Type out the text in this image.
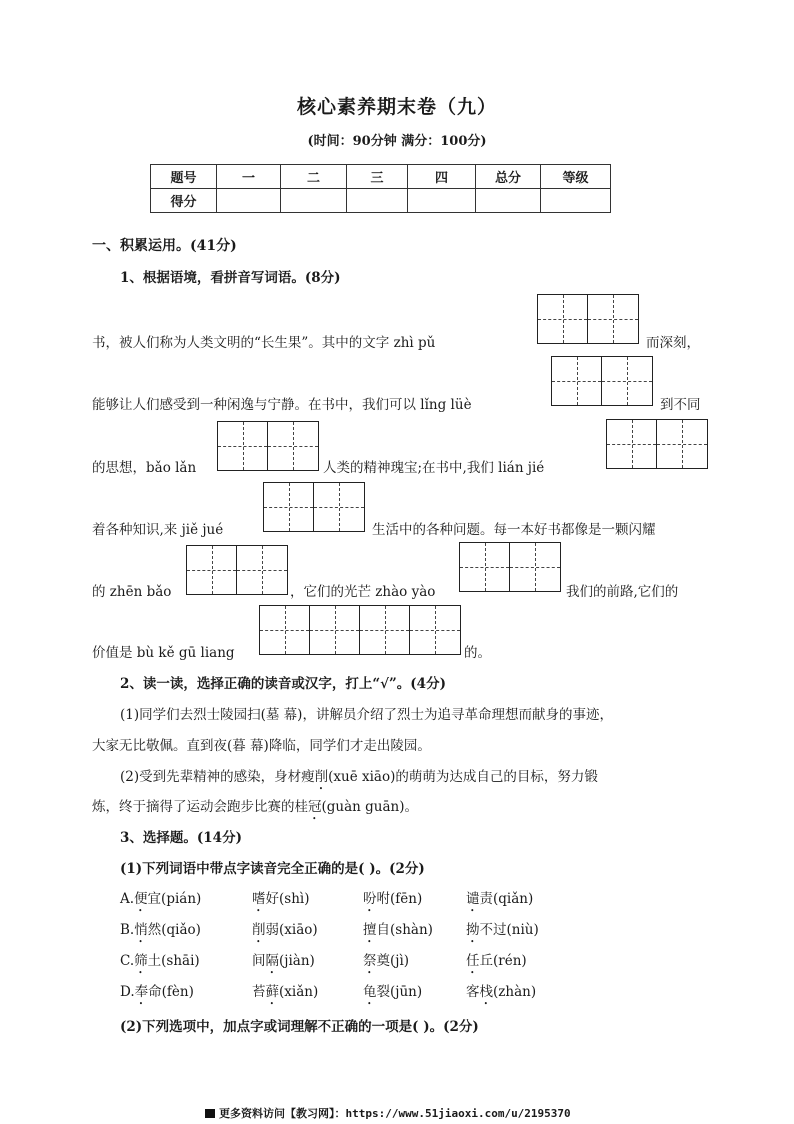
核心素养期末卷（九）
(时间：90分钟 满分：100分)
题号	一	二	三	四	总分	等级
得分						
一、积累运用。(41分)
1、根据语境，看拼音写词语。(8分)
书，被人们称为人类文明的“长生果”。其中的文字 zhì pǔ	而深刻，
能够让人们感受到一种闲逸与宁静。在书中，我们可以 lǐng lüè	到不同
的思想，bǎo lǎn	人类的精神瑰宝;在书中,我们 lián jié
着各种知识,来 jiě jué	生活中的各种问题。每一本好书都像是一颗闪耀
的 zhēn bǎo	，它们的光芒 zhào yào	我们的前路,它们的
价值是 bù kě gū liang	的。
2、读一读，选择正确的读音或汉字，打上“√”。(4分)
(1)同学们去烈士陵园扫(墓 幕)，讲解员介绍了烈士为追寻革命理想而献身的事迹，
大家无比敬佩。直到夜(暮 幕)降临，同学们才走出陵园。
(2)受到先辈精神的感染，身材瘦削(xuē xiāo)的萌萌为达成自己的目标，努力锻
炼，终于摘得了运动会跑步比赛的桂冠(guàn guān)。
3、选择题。(14分)
(1)下列词语中带点字读音完全正确的是( )。(2分)
A.便宜(pián)	嗜好(shì)	吩咐(fēn)	谴责(qiǎn)
B.悄然(qiǎo)	削弱(xiāo)	擅自(shàn) 拗不过(niù)
C.筛土(shāi)	间隔(jiàn)	祭奠(jì)	任丘(rén)
D.奉命(fèn)	苔藓(xiǎn)	龟裂(jūn)	客栈(zhàn)
(2)下列选项中，加点字或词理解不正确的一项是( )。(2分)
更多资料访问【教习网】：https://www.51jiaoxi.com/u/2195370
